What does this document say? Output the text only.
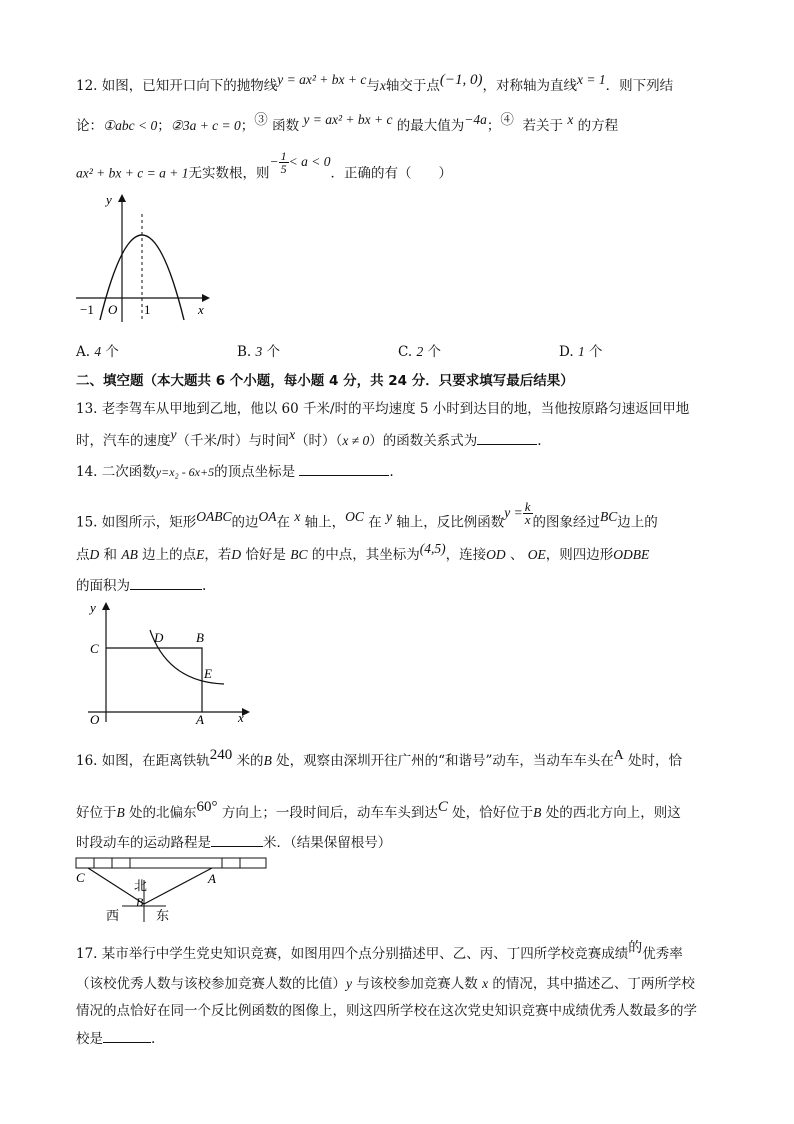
12. 如图，已知开口向下的抛物线y = ax² + bx + c与x轴交于点(−1, 0)，对称轴为直线x = 1．则下列结
论：①abc < 0；②3a + c = 0；③ 函数 y = ax² + bx + c 的最大值为−4a；④ 若关于 x 的方程
ax² + bx + c = a + 1无实数根，则− $\frac{1}{5} < a < 0$．正确的有（　　）
y
x
−1 O 1
A. 4 个	B. 3 个	C. 2 个	D. 1 个
二、填空题（本大题共 6 个小题，每小题 4 分，共 24 分．只要求填写最后结果）
13. 老李驾车从甲地到乙地，他以 60 千米/时的平均速度 5 小时到达目的地，当他按原路匀速返回甲地
时，汽车的速度y（千米/时）与时间x（时）（x ≠ 0）的函数关系式为	.
14. 二次函数y=x₂ - 6x+5的顶点坐标是	.
15. 如图所示，矩形OABC的边OA在 x 轴上，OC 在 y 轴上，反比例函数$y = \frac{k}{x}$ 的图象经过BC边上的
点D 和 AB 边上的点E，若D 恰好是 BC 的中点，其坐标为(4,5)，连接OD 、 OE，则四边形ODBE
的面积为	.
y
x
O	A
B
C
D
E
16. 如图，在距离铁轨240 米的B 处，观察由深圳开往广州的“和谐号”动车，当动车车头在A 处时，恰
好位于B 处的北偏东60° 方向上；一段时间后，动车车头到达C 处，恰好位于B 处的西北方向上，则这
时段动车的运动路程是	米．（结果保留根号）
C	A
B
北
西	东
17. 某市举行中学生党史知识竞赛，如图用四个点分别描述甲、乙、丙、丁四所学校竞赛成绩的优秀率
（该校优秀人数与该校参加竞赛人数的比值）y 与该校参加竞赛人数 x 的情况，其中描述乙、丁两所学校
情况的点恰好在同一个反比例函数的图像上，则这四所学校在这次党史知识竞赛中成绩优秀人数最多的学
校是	.
